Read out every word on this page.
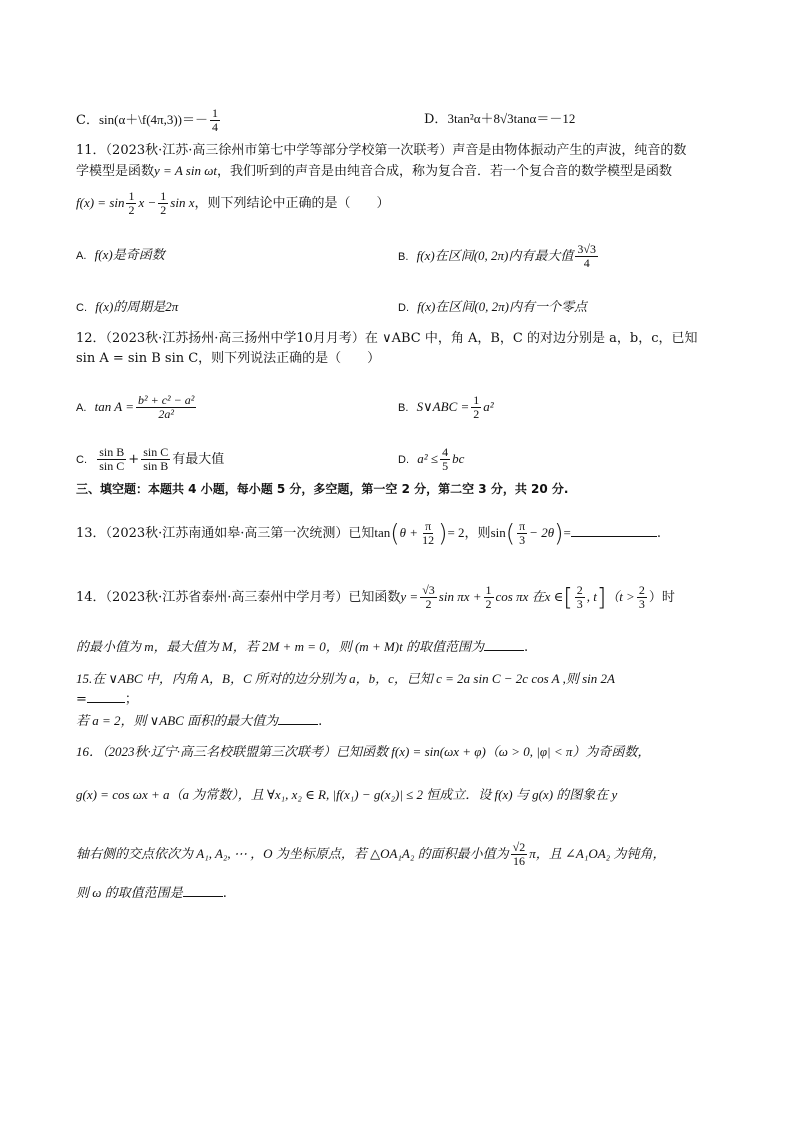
C．sin(α＋\f(4π,3))＝－ $\frac{1}{4}$	D．3tan²α＋8√3tanα＝－12
11．（2023秋·江苏·高三徐州市第七中学等部分学校第一次联考）声音是由物体振动产生的声波，纯音的数
学模型是函数y = A sin ωt，我们听到的声音是由纯音合成，称为复合音．若一个复合音的数学模型是函数
$f(x) = \sin \frac{1}{2}$ $x - \frac{1}{2}$ sin x，则下列结论中正确的是（　　）
A. f(x)是奇函数	B. f(x)在区间(0, 2π)内有最大值 $\frac{3√3}{4}$
C. f(x)的周期是2π	D. f(x)在区间(0, 2π)内有一个零点
12．（2023秋·江苏扬州·高三扬州中学10月月考）在 ∨ABC 中，角 A，B，C 的对边分别是 a，b，c，已知
sin A = sin B sin C，则下列说法正确的是（　　）
A. $\tan A = \frac{\text{b² + c² − a²}}{\text{2a²}}$	B. S∨ABC = $\frac{1}{2} a^2$
C. $\frac{\text{sin B}}{\text{sin C}} + \frac{\text{sin C}}{\text{sin B}}$ 有最大值	D. $a^2 \le \frac{4}{5}$ bc
三、填空题：本题共 4 小题，每小题 5 分，多空题，第一空 2 分，第二空 3 分，共 20 分.
13．（2023秋·江苏南通如皋·高三第一次统测）已知$\tan(\theta + \frac{\pi}{12}$ )= 2，则$\sin( \frac{\pi}{3} - 2\theta)=$	.
14．（2023秋·江苏省泰州·高三泰州中学月考）已知函数$y = \frac{√3}{2}$ $\sin \pi x + \frac{1}{2}$ cos πx 在x ∈[ $\frac{2}{3}$ , $t](t > \frac{2}{3}$ ）时
的最小值为 m，最大值为 M，若 2M + m = 0，则 (m + M)t 的取值范围为	.
15.在 ∨ABC 中，内角 A，B，C 所对的边分别为 a，b，c，已知 c = 2a sin C − 2c cos A ,则 sin 2A
=	；
若 a = 2，则 ∨ABC 面积的最大值为	.
16．（2023秋·辽宁·高三名校联盟第三次联考）已知函数 f(x) = sin(ωx + φ)（ω > 0, |φ| < π）为奇函数，
g(x) = cos ωx + a（a 为常数），且 ∀x₁, x₂ ∈ R, |f(x₁) − g(x₂)| ≤ 2 恒成立．设 f(x) 与 g(x) 的图象在 y
轴右侧的交点依次为 A₁, A₂, ⋯ ，O 为坐标原点，若 △OA₁A₂ 的面积最小值为 $\frac{√2}{16}$ π，且 ∠A₁OA₂ 为钝角，
则 ω 的取值范围是	.
